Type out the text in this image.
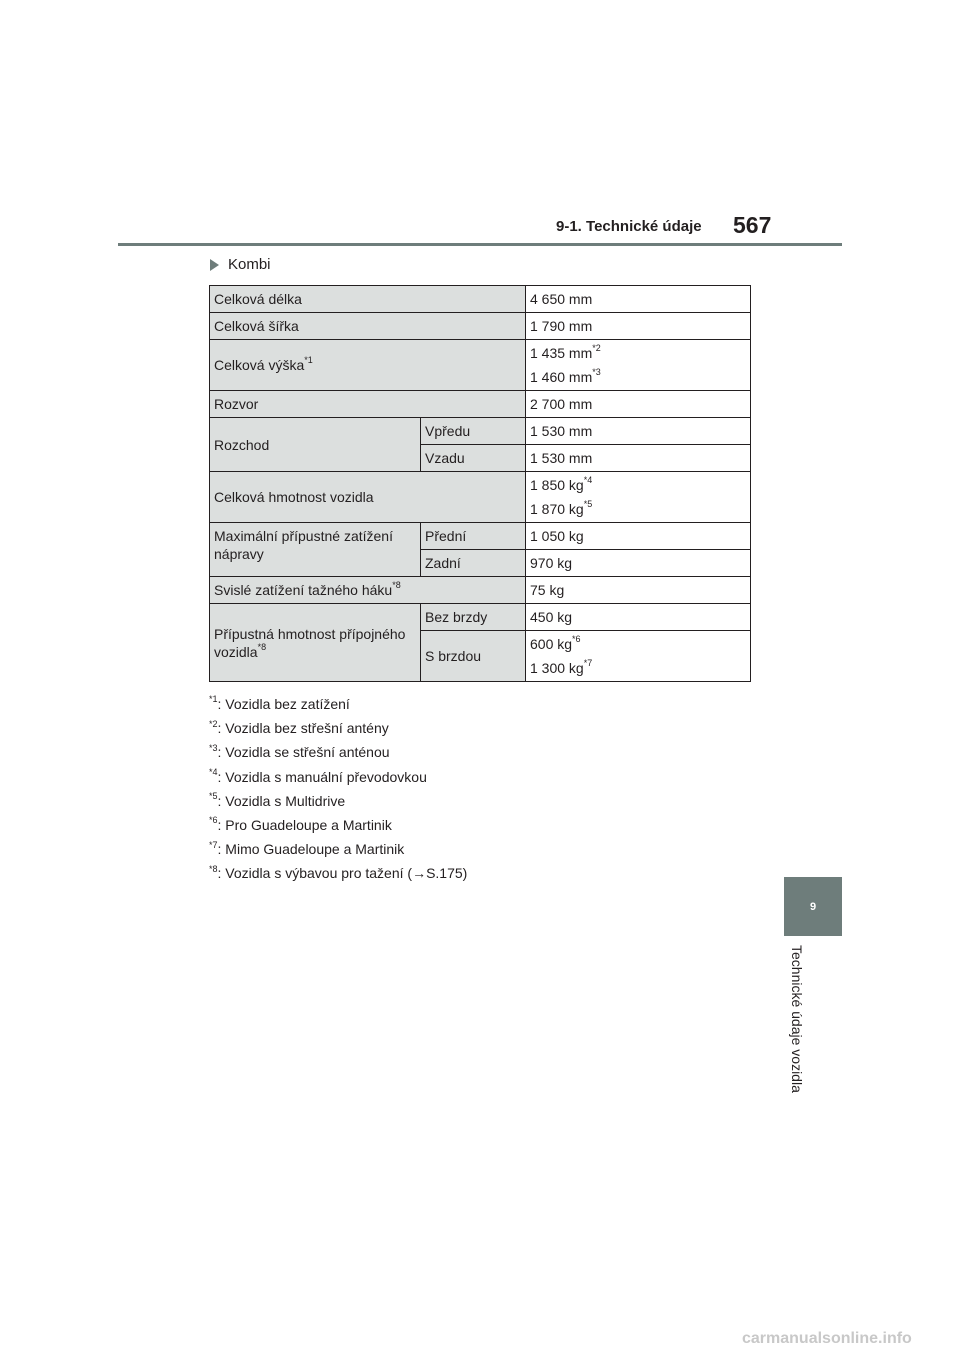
9-1. Technické údaje 567
Kombi
Celková délka		4 650 mm
Celková šířka		1 790 mm
Celková výška$^{*1}$		1 435 $mm^{*2}$
1 460 $mm^{*3}$

Rozvor		2 700 mm
Rozchod	Vpředu	1 530 mm
	Vzadu	1 530 mm
Celková hmotnost vozidla		1 850 $kg^{*4}$
1 870 $kg^{*5}$

Maximální přípustné zatížení nápravy	Přední	1 050 kg
	Zadní	970 kg
Svislé zatížení tažného háku$^{*8}$		75 kg
Přípustná hmotnost přípojného vozidla$^{*8}$	Bez brzdy	450 kg
	S brzdou	600 $kg^{*6}$
1 300 $kg^{*7}$
$^{*1}$: Vozidla bez zatížení
$^{*2}$: Vozidla bez střešní antény
$^{*3}$: Vozidla se střešní anténou
$^{*4}$: Vozidla s manuální převodovkou
$^{*5}$: Vozidla s Multidrive
$^{*6}$: Pro Guadeloupe a Martinik
$^{*7}$: Mimo Guadeloupe a Martinik
$^{*8}$: Vozidla s výbavou pro tažení (→S.175)
9
Technické údaje vozidla
carmanualsonline.info
